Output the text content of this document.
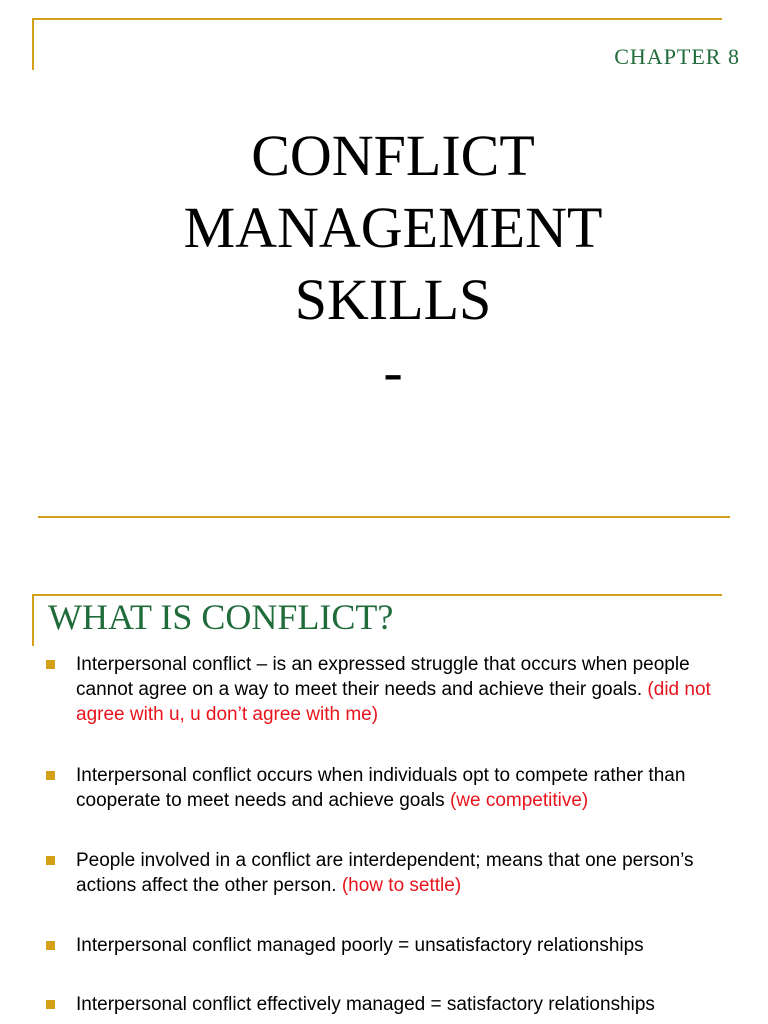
CHAPTER 8
CONFLICT
MANAGEMENT
SKILLS
-
WHAT IS CONFLICT?
Interpersonal conflict – is an expressed struggle that occurs when people cannot agree on a way to meet their needs and achieve their goals. (did not agree with u, u don’t agree with me)
Interpersonal conflict occurs when individuals opt to compete rather than cooperate to meet needs and achieve goals (we competitive)
People involved in a conflict are interdependent; means that one person’s actions affect the other person. (how to settle)
Interpersonal conflict managed poorly = unsatisfactory relationships
Interpersonal conflict effectively managed = satisfactory relationships
